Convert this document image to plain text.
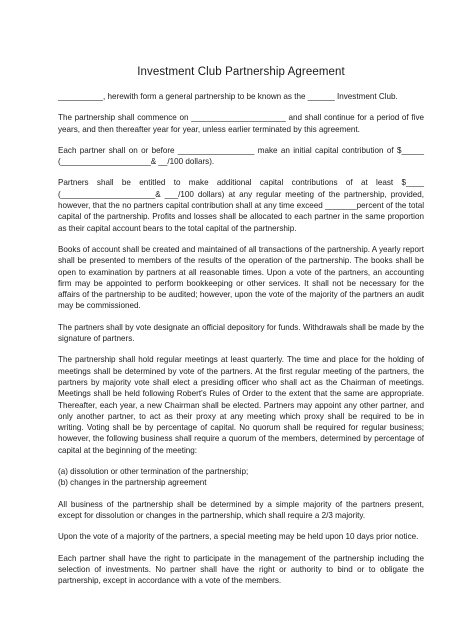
Investment Club Partnership Agreement

__________, herewith form a general partnership to be known as the ______ Investment Club.

The partnership shall commence on _____________________ and shall continue for a period of five years, and then thereafter year for year, unless earlier terminated by this agreement.

Each partner shall on or before _________________ make an initial capital contribution of $_____ (____________________& __/100 dollars).

Partners shall be entitled to make additional capital contributions of at least $____ (_____________________& ___/100 dollars) at any regular meeting of the partnership, provided, however, that the no partners capital contribution shall at any time exceed _______percent of the total capital of the partnership. Profits and losses shall be allocated to each partner in the same proportion as their capital account bears to the total capital of the partnership.

Books of account shall be created and maintained of all transactions of the partnership. A yearly report shall be presented to members of the results of the operation of the partnership. The books shall be open to examination by partners at all reasonable times. Upon a vote of the partners, an accounting firm may be appointed to perform bookkeeping or other services. It shall not be necessary for the affairs of the partnership to be audited; however, upon the vote of the majority of the partners an audit may be commissioned.

The partners shall by vote designate an official depository for funds. Withdrawals shall be made by the signature of partners.

The partnership shall hold regular meetings at least quarterly. The time and place for the holding of meetings shall be determined by vote of the partners. At the first regular meeting of the partners, the partners by majority vote shall elect a presiding officer who shall act as the Chairman of meetings. Meetings shall be held following Robert's Rules of Order to the extent that the same are appropriate. Thereafter, each year, a new Chairman shall be elected. Partners may appoint any other partner, and only another partner, to act as their proxy at any meeting which proxy shall be required to be in writing. Voting shall be by percentage of capital. No quorum shall be required for regular business; however, the following business shall require a quorum of the members, determined by percentage of capital at the beginning of the meeting:

(a) dissolution or other termination of the partnership;

(b) changes in the partnership agreement

All business of the partnership shall be determined by a simple majority of the partners present, except for dissolution or changes in the partnership, which shall require a 2/3 majority.

Upon the vote of a majority of the partners, a special meeting may be held upon 10 days prior notice.

Each partner shall have the right to participate in the management of the partnership including the selection of investments. No partner shall have the right or authority to bind or to obligate the partnership, except in accordance with a vote of the members.
